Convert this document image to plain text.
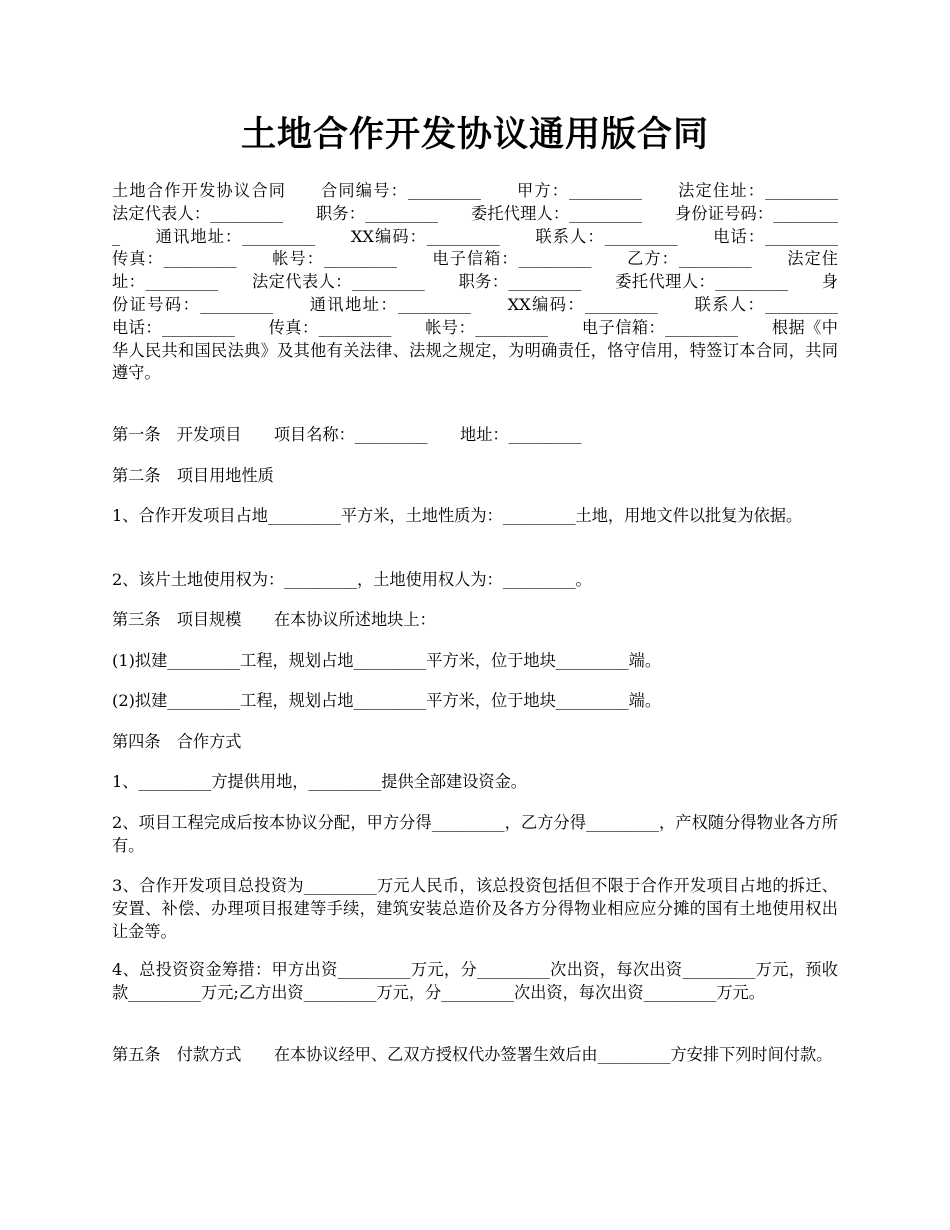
土地合作开发协议通用版合同
土地合作开发协议合同　　合同编号：_________　　甲方：_________　　法定住址：_________　　法定代表人：_________　　职务：_________　　委托代理人：_________　　身份证号码：_________　　通讯地址：_________　　XX编码：_________　　联系人：_________　　电话：_________　　传真：_________　　帐号：_________　　电子信箱：_________　　乙方：_________　　法定住址：_________　　法定代表人：_________　　职务：_________　　委托代理人：_________　　身份证号码：_________　　通讯地址：_________　　XX编码：_________　　联系人：_________　　电话：_________　　传真：_________　　帐号：_________　　电子信箱：_________　　根据《中华人民共和国民法典》及其他有关法律、法规之规定，为明确责任，恪守信用，特签订本合同，共同遵守。
第一条　开发项目　　项目名称：_________　　地址：_________
第二条　项目用地性质
1、合作开发项目占地_________平方米，土地性质为：_________土地，用地文件以批复为依据。
2、该片土地使用权为：_________，土地使用权人为：_________。
第三条　项目规模　　在本协议所述地块上：
(1)拟建_________工程，规划占地_________平方米，位于地块_________端。
(2)拟建_________工程，规划占地_________平方米，位于地块_________端。
第四条　合作方式
1、_________方提供用地，_________提供全部建设资金。
2、项目工程完成后按本协议分配，甲方分得_________，乙方分得_________，产权随分得物业各方所有。
3、合作开发项目总投资为_________万元人民币，该总投资包括但不限于合作开发项目占地的拆迁、安置、补偿、办理项目报建等手续，建筑安装总造价及各方分得物业相应应分摊的国有土地使用权出让金等。
4、总投资资金筹措：甲方出资_________万元，分_________次出资，每次出资_________万元，预收款_________万元;乙方出资_________万元，分_________次出资，每次出资_________万元。
第五条　付款方式　　在本协议经甲、乙双方授权代办签署生效后由_________方安排下列时间付款。
